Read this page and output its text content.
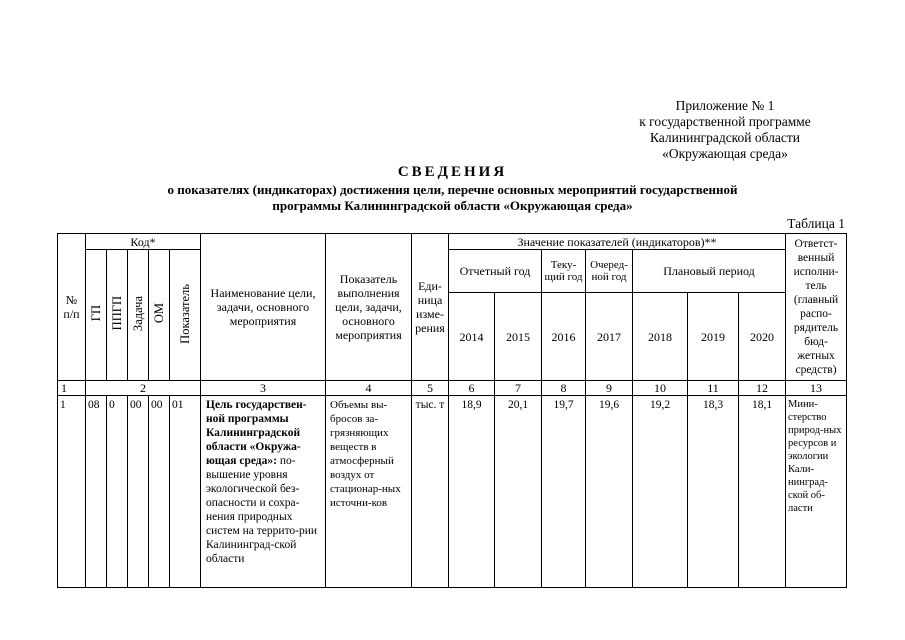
Приложение № 1
к государственной программе
Калининградской области
«Окружающая среда»
СВЕДЕНИЯ
о показателях (индикаторах) достижения цели, перечне основных мероприятий государственной
программы Калининградской области «Окружающая среда»
Таблица 1
№ п/п	Код*					Наименование цели, задачи, основного мероприятия	Показатель выполнения цели, задачи, основного мероприятия	Еди-ница изме-рения	Значение показателей (индикаторов)**							Ответст-венный исполни-тель (главный распо-рядитель бюд-жетных средств)
	ГП	ППГП	Задача	ОМ	Показатель				Отчетный год		Теку-щий год	Очеред-ной год	Плановый период			
									2014	2015	2016	2017	2018	2019	2020	
1	2					3	4	5	6	7	8	9	10	11	12	13
1	08	0	00	00	01	Цель государствен-ной программы Калининградской области «Окружа-ющая среда»: по-вышение уровня экологической без-опасности и сохра-нения природных систем на террито-рии Калининград-ской области	Объемы вы-бросов за-грязняющих веществ в атмосферный воздух от стационар-ных источни-ков	тыс. т	18,9	20,1	19,7	19,6	19,2	18,3	18,1	Мини-стерство природ-ных ресурсов и экологии Кали-нинград-ской об-ласти
